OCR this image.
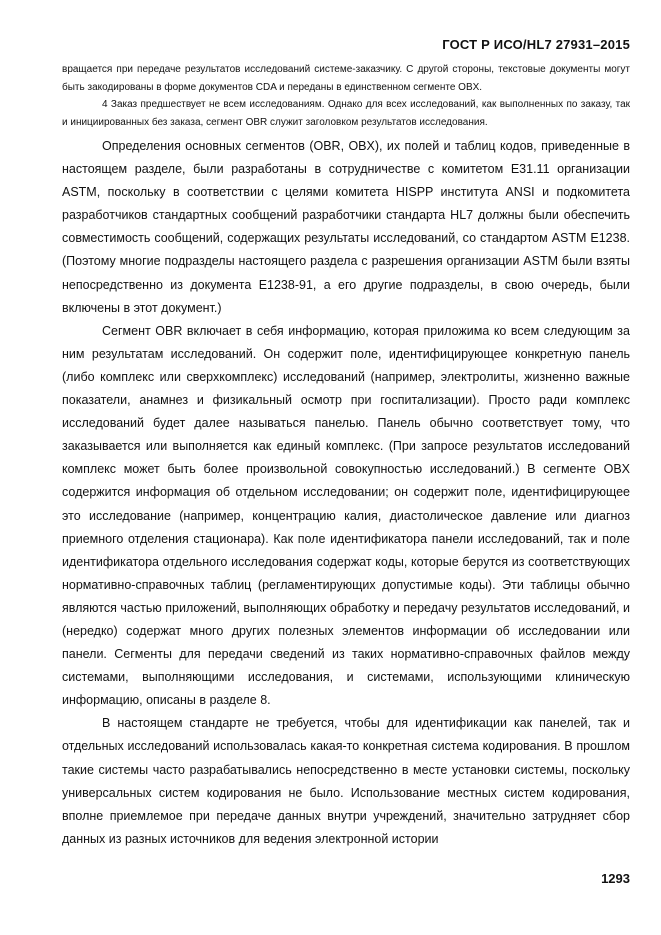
ГОСТ Р ИСО/HL7 27931–2015

вращается при передаче результатов исследований системе-заказчику. С другой стороны, текстовые документы могут быть закодированы в форме документов CDA и переданы в единственном сегменте OBX.

4 Заказ предшествует не всем исследованиям. Однако для всех исследований, как выполненных по заказу, так и инициированных без заказа, сегмент OBR служит заголовком результатов исследования.

Определения основных сегментов (OBR, OBX), их полей и таблиц кодов, приведенные в настоящем разделе, были разработаны в сотрудничестве с комитетом E31.11 организации ASTM, поскольку в соответствии с целями комитета HISPP института ANSI и подкомитета разработчиков стандартных сообщений разработчики стандарта HL7 должны были обеспечить совместимость сообщений, содержащих результаты исследований, со стандартом ASTM E1238. (Поэтому многие подразделы настоящего раздела с разрешения организации ASTM были взяты непосредственно из документа E1238-91, а его другие подразделы, в свою очередь, были включены в этот документ.)

Сегмент OBR включает в себя информацию, которая приложима ко всем следующим за ним результатам исследований. Он содержит поле, идентифицирующее конкретную панель (либо комплекс или сверхкомплекс) исследований (например, электролиты, жизненно важные показатели, анамнез и физикальный осмотр при госпитализации). Просто ради комплекс исследований будет далее называться панелью. Панель обычно соответствует тому, что заказывается или выполняется как единый комплекс. (При запросе результатов исследований комплекс может быть более произвольной совокупностью исследований.) В сегменте OBX содержится информация об отдельном исследовании; он содержит поле, идентифицирующее это исследование (например, концентрацию калия, диастолическое давление или диагноз приемного отделения стационара). Как поле идентификатора панели исследований, так и поле идентификатора отдельного исследования содержат коды, которые берутся из соответствующих нормативно-справочных таблиц (регламентирующих допустимые коды). Эти таблицы обычно являются частью приложений, выполняющих обработку и передачу результатов исследований, и (нередко) содержат много других полезных элементов информации об исследовании или панели. Сегменты для передачи сведений из таких нормативно-справочных файлов между системами, выполняющими исследования, и системами, использующими клиническую информацию, описаны в разделе 8.

В настоящем стандарте не требуется, чтобы для идентификации как панелей, так и отдельных исследований использовалась какая-то конкретная система кодирования. В прошлом такие системы часто разрабатывались непосредственно в месте установки системы, поскольку универсальных систем кодирования не было. Использование местных систем кодирования, вполне приемлемое при передаче данных внутри учреждений, значительно затрудняет сбор данных из разных источников для ведения электронной истории

1293
